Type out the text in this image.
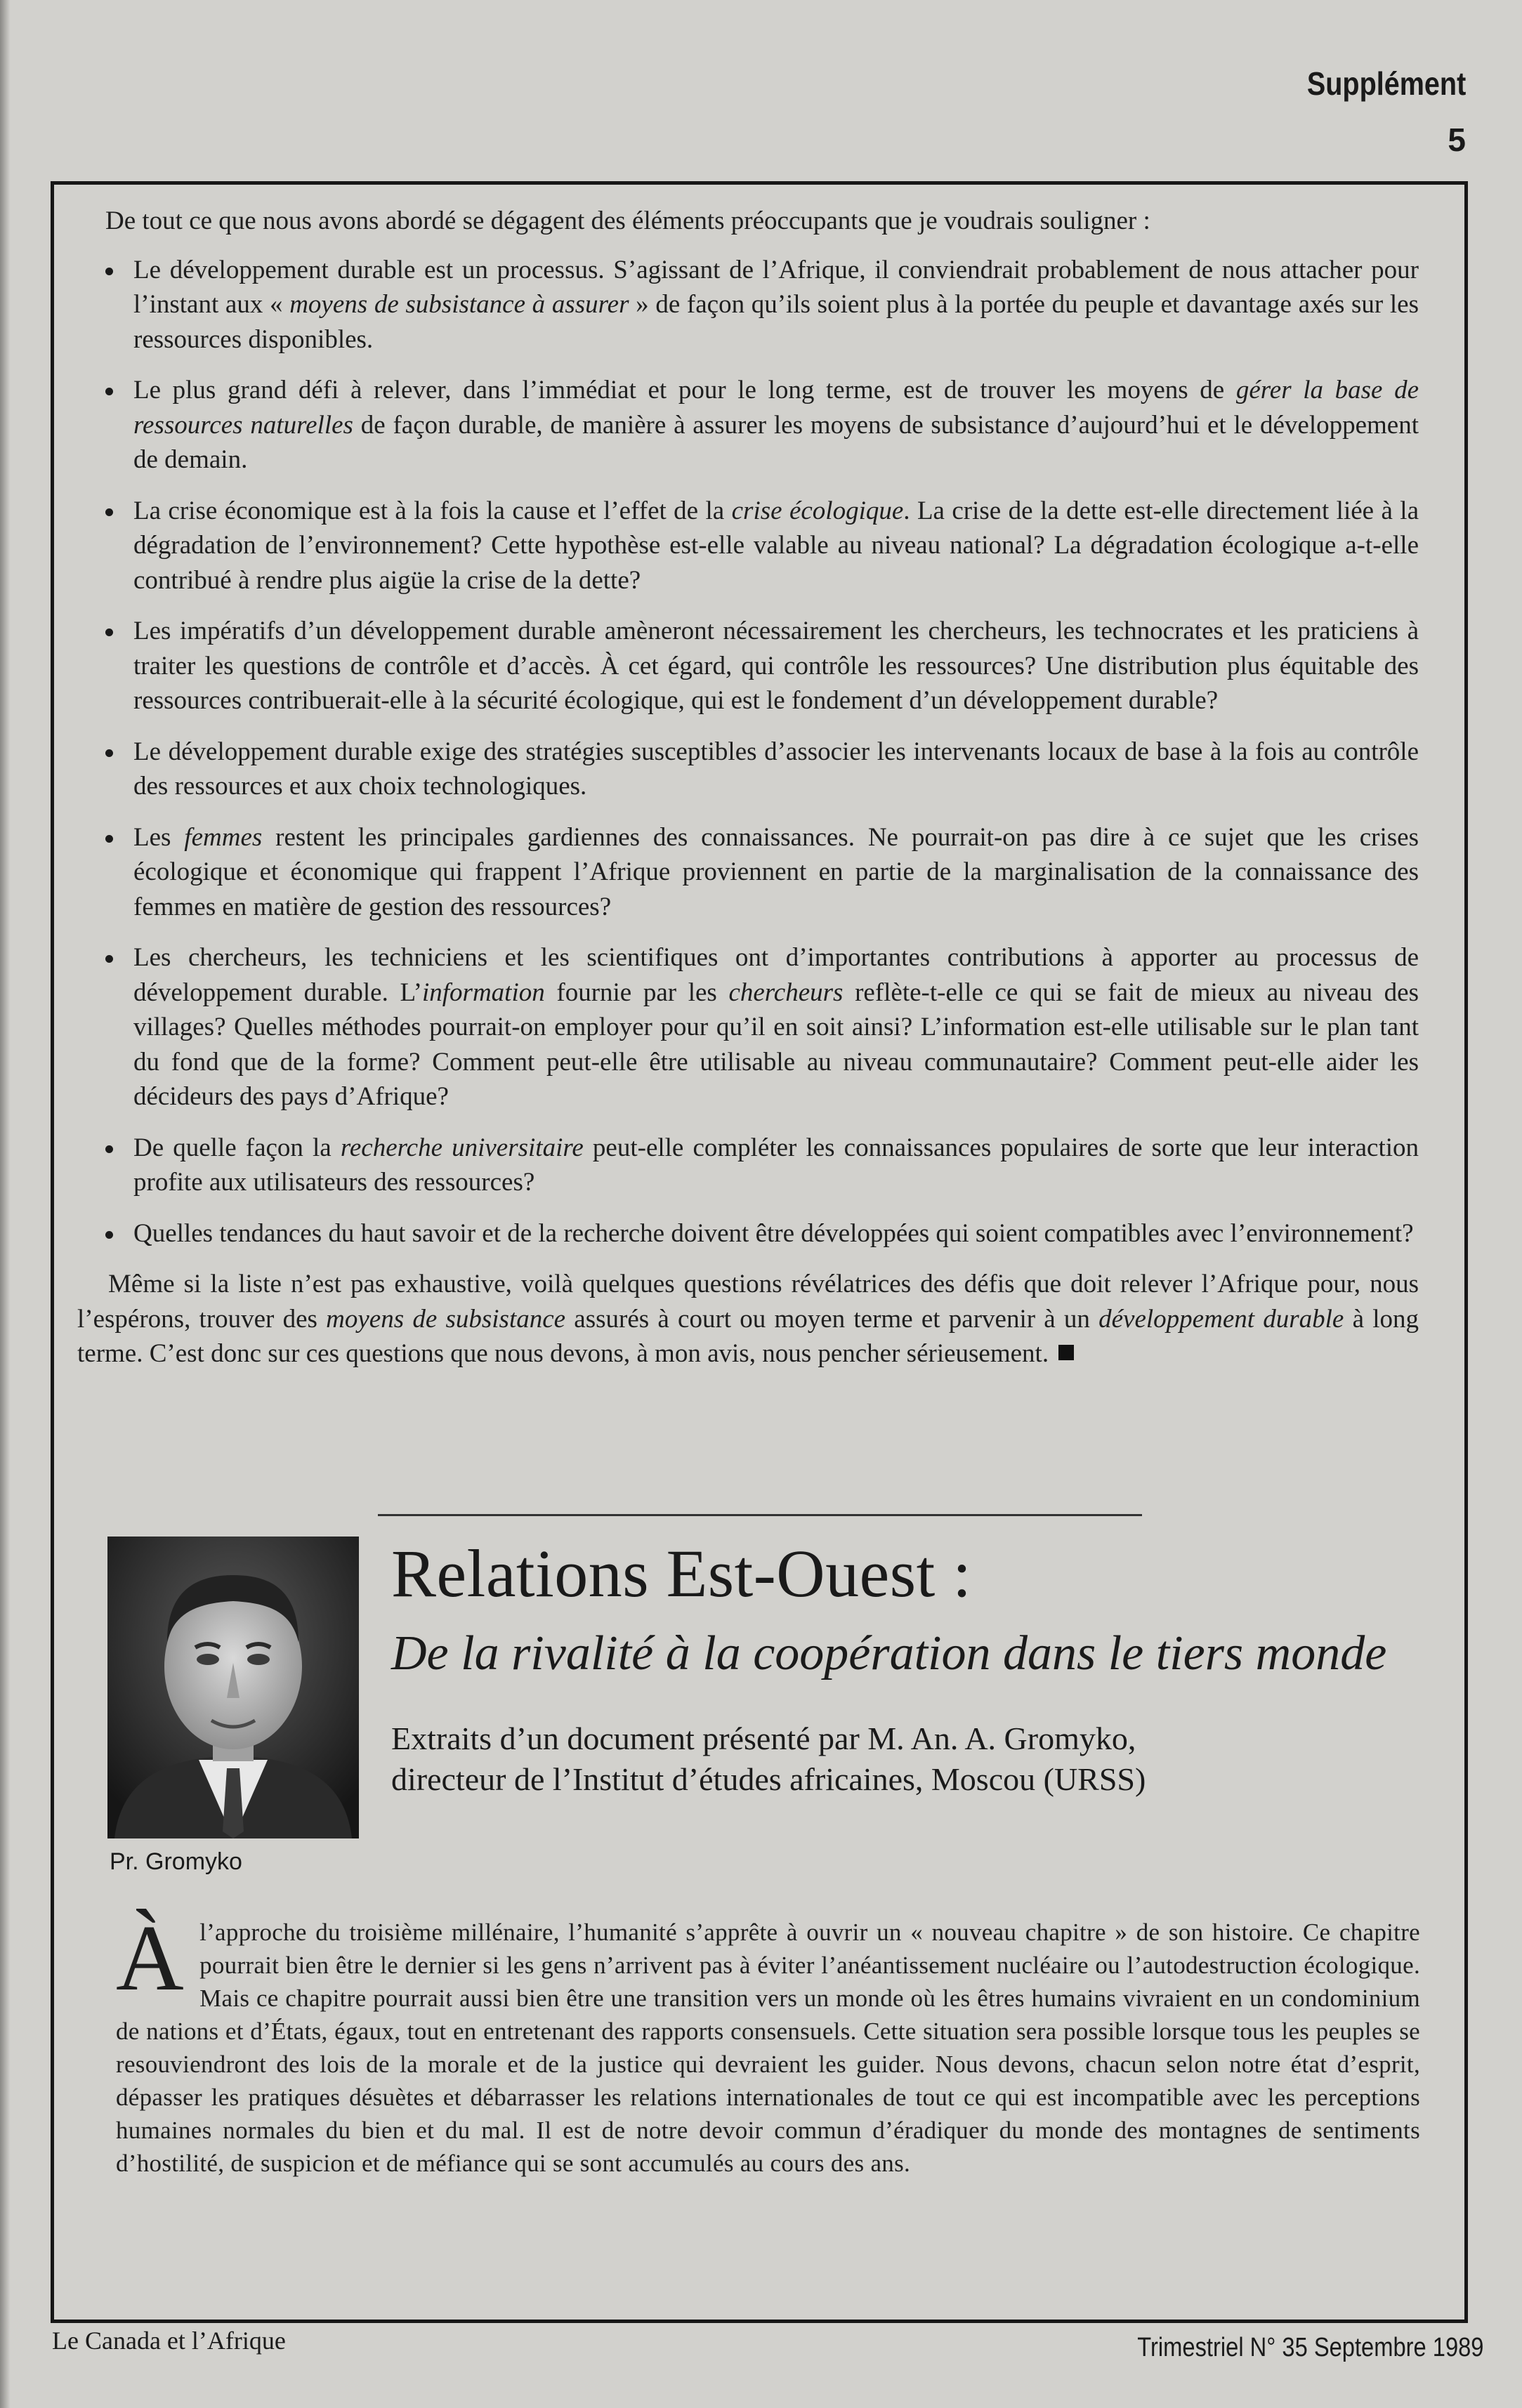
Supplément
5

De tout ce que nous avons abordé se dégagent des éléments préoccupants que je voudrais souligner :

Le développement durable est un processus. S’agissant de l’Afrique, il conviendrait probablement de nous attacher pour l’instant aux « moyens de subsistance à assurer » de façon qu’ils soient plus à la portée du peuple et davantage axés sur les ressources disponibles.
Le plus grand défi à relever, dans l’immédiat et pour le long terme, est de trouver les moyens de gérer la base de ressources naturelles de façon durable, de manière à assurer les moyens de subsistance d’aujourd’hui et le développement de demain.
La crise économique est à la fois la cause et l’effet de la crise écologique. La crise de la dette est-elle directement liée à la dégradation de l’environnement? Cette hypothèse est-elle valable au niveau national? La dégradation écologique a-t-elle contribué à rendre plus aigüe la crise de la dette?
Les impératifs d’un développement durable amèneront nécessairement les chercheurs, les technocrates et les praticiens à traiter les questions de contrôle et d’accès. À cet égard, qui contrôle les ressources? Une distribution plus équitable des ressources contribuerait-elle à la sécurité écologique, qui est le fondement d’un développement durable?
Le développement durable exige des stratégies susceptibles d’associer les intervenants locaux de base à la fois au contrôle des ressources et aux choix technologiques.
Les femmes restent les principales gardiennes des connaissances. Ne pourrait-on pas dire à ce sujet que les crises écologique et économique qui frappent l’Afrique proviennent en partie de la marginalisation de la connaissance des femmes en matière de gestion des ressources?
Les chercheurs, les techniciens et les scientifiques ont d’importantes contributions à apporter au processus de développement durable. L’information fournie par les chercheurs reflète-t-elle ce qui se fait de mieux au niveau des villages? Quelles méthodes pourrait-on employer pour qu’il en soit ainsi? L’information est-elle utilisable sur le plan tant du fond que de la forme? Comment peut-elle être utilisable au niveau communautaire? Comment peut-elle aider les décideurs des pays d’Afrique?
De quelle façon la recherche universitaire peut-elle compléter les connaissances populaires de sorte que leur interaction profite aux utilisateurs des ressources?
Quelles tendances du haut savoir et de la recherche doivent être développées qui soient compatibles avec l’environnement?

Même si la liste n’est pas exhaustive, voilà quelques questions révélatrices des défis que doit relever l’Afrique pour, nous l’espérons, trouver des moyens de subsistance assurés à court ou moyen terme et parvenir à un développement durable à long terme. C’est donc sur ces questions que nous devons, à mon avis, nous pencher sérieusement.

Pr. Gromyko
Relations Est-Ouest :
De la rivalité à la coopération dans le tiers monde
Extraits d’un document présenté par M. An. A. Gromyko,
directeur de l’Institut d’études africaines, Moscou (URSS)
À l’approche du troisième millénaire, l’humanité s’apprête à ouvrir un « nouveau chapitre » de son histoire. Ce chapitre pourrait bien être le dernier si les gens n’arrivent pas à éviter l’anéantissement nucléaire ou l’autodestruction écologique. Mais ce chapitre pourrait aussi bien être une transition vers un monde où les êtres humains vivraient en un condominium de nations et d’États, égaux, tout en entretenant des rapports consensuels. Cette situation sera possible lorsque tous les peuples se resouviendront des lois de la morale et de la justice qui devraient les guider. Nous devons, chacun selon notre état d’esprit, dépasser les pratiques désuètes et débarrasser les relations internationales de tout ce qui est incompatible avec les perceptions humaines normales du bien et du mal. Il est de notre devoir commun d’éradiquer du monde des montagnes de sentiments d’hostilité, de suspicion et de méfiance qui se sont accumulés au cours des ans.
Le Canada et l’Afrique	Trimestriel N° 35 Septembre 1989
